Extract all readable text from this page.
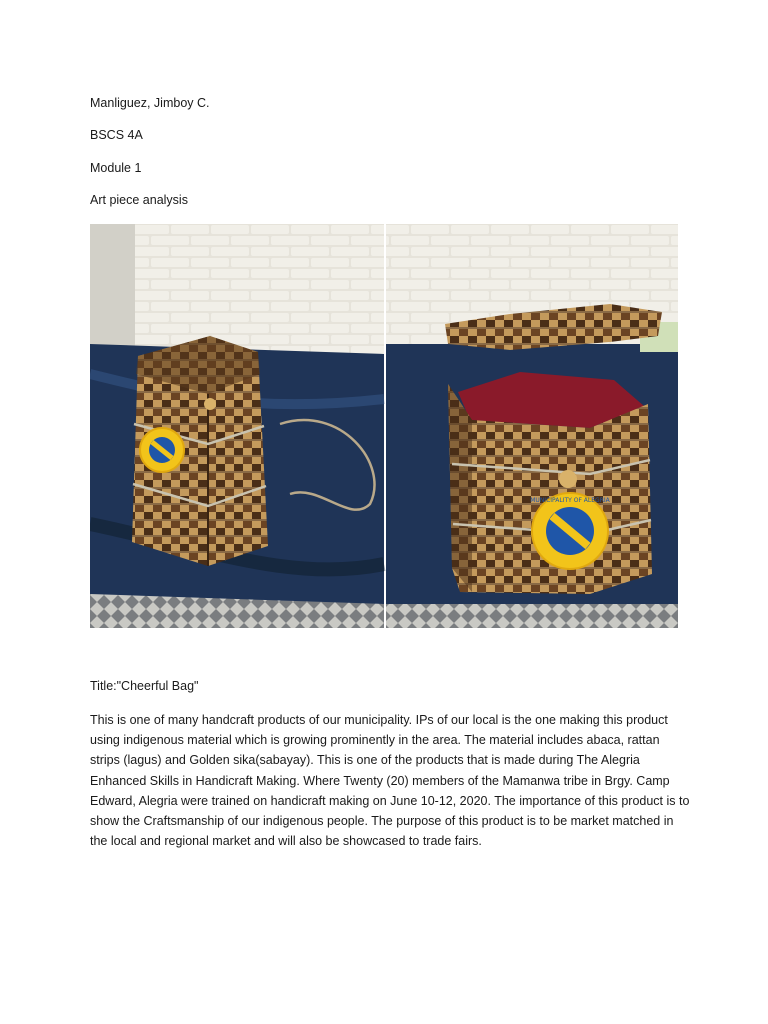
Manliguez, Jimboy C.
BSCS 4A
Module 1
Art piece analysis
MUNICIPALITY OF ALEGRIA
Title:"Cheerful Bag"

This is one of many handcraft products of our municipality. IPs of our local is the one making this product using indigenous material which is growing prominently in the area. The material includes abaca, rattan strips (lagus) and Golden sika(sabayay). This is one of the products that is made during The Alegria Enhanced Skills in Handicraft Making. Where Twenty (20) members of the Mamanwa tribe in Brgy. Camp Edward, Alegria were trained on handicraft making on June 10-12, 2020. The importance of this product is to show the Craftsmanship of our indigenous people. The purpose of this product is to be market matched in the local and regional market and will also be showcased to trade fairs.
